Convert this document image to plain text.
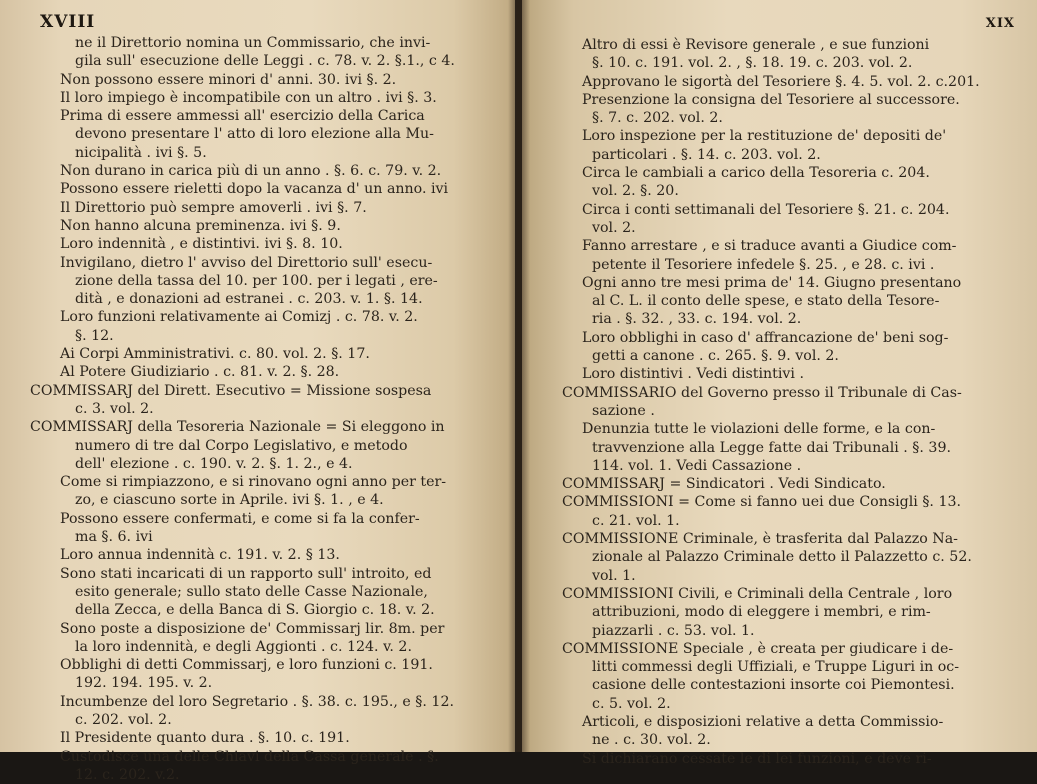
XVIII
ne il Direttorio nomina un Commissario, che invi-
gila sull' esecuzione delle Leggi . c. 78. v. 2. §.1., c 4.
Non possono essere minori d' anni. 30. ivi §. 2.
Il loro impiego è incompatibile con un altro . ivi §. 3.
Prima di essere ammessi all' esercizio della Carica
devono presentare l' atto di loro elezione alla Mu-
nicipalità . ivi §. 5.
Non durano in carica più di un anno . §. 6. c. 79. v. 2.
Possono essere rieletti dopo la vacanza d' un anno. ivi
Il Direttorio può sempre amoverli . ivi §. 7.
Non hanno alcuna preminenza. ivi §. 9.
Loro indennità , e distintivi. ivi §. 8. 10.
Invigilano, dietro l' avviso del Direttorio sull' esecu-
zione della tassa del 10. per 100. per i legati , ere-
dità , e donazioni ad estranei . c. 203. v. 1. §. 14.
Loro funzioni relativamente ai Comizj . c. 78. v. 2.
§. 12.
Ai Corpi Amministrativi. c. 80. vol. 2. §. 17.
Al Potere Giudiziario . c. 81. v. 2. §. 28.
COMMISSARJ del Dirett. Esecutivo = Missione sospesa
c. 3. vol. 2.
COMMISSARJ della Tesoreria Nazionale = Si eleggono in
numero di tre dal Corpo Legislativo, e metodo
dell' elezione . c. 190. v. 2. §. 1. 2., e 4.
Come si rimpiazzono, e si rinovano ogni anno per ter-
zo, e ciascuno sorte in Aprile. ivi §. 1. , e 4.
Possono essere confermati, e come si fa la confer-
ma §. 6. ivi
Loro annua indennità c. 191. v. 2. § 13.
Sono stati incaricati di un rapporto sull' introito, ed
esito generale; sullo stato delle Casse Nazionale,
della Zecca, e della Banca di S. Giorgio c. 18. v. 2.
Sono poste a disposizione de' Commissarj lir. 8m. per
la loro indennità, e degli Aggionti . c. 124. v. 2.
Obblighi di detti Commissarj, e loro funzioni c. 191.
192. 194. 195. v. 2.
Incumbenze del loro Segretario . §. 38. c. 195., e §. 12.
c. 202. vol. 2.
Il Presidente quanto dura . §. 10. c. 191.
Custodisce una delle Chiavi della Cassa generale . §.
12. c. 202. v.2.
XIX
Altro di essi è Revisore generale , e sue funzioni
§. 10. c. 191. vol. 2. , §. 18. 19. c. 203. vol. 2.
Approvano le sigortà del Tesoriere §. 4. 5. vol. 2. c.201.
Presenzione la consigna del Tesoriere al successore.
§. 7. c. 202. vol. 2.
Loro inspezione per la restituzione de' depositi de'
particolari . §. 14. c. 203. vol. 2.
Circa le cambiali a carico della Tesoreria c. 204.
vol. 2. §. 20.
Circa i conti settimanali del Tesoriere §. 21. c. 204.
vol. 2.
Fanno arrestare , e si traduce avanti a Giudice com-
petente il Tesoriere infedele §. 25. , e 28. c. ivi .
Ogni anno tre mesi prima de' 14. Giugno presentano
al C. L. il conto delle spese, e stato della Tesore-
ria . §. 32. , 33. c. 194. vol. 2.
Loro obblighi in caso d' affrancazione de' beni sog-
getti a canone . c. 265. §. 9. vol. 2.
Loro distintivi . Vedi distintivi .
COMMISSARIO del Governo presso il Tribunale di Cas-
sazione .
Denunzia tutte le violazioni delle forme, e la con-
travvenzione alla Legge fatte dai Tribunali . §. 39.
114. vol. 1. Vedi Cassazione .
COMMISSARJ = Sindicatori . Vedi Sindicato.
COMMISSIONI = Come si fanno uei due Consigli §. 13.
c. 21. vol. 1.
COMMISSIONE Criminale, è trasferita dal Palazzo Na-
zionale al Palazzo Criminale detto il Palazzetto c. 52.
vol. 1.
COMMISSIONI Civili, e Criminali della Centrale , loro
attribuzioni, modo di eleggere i membri, e rim-
piazzarli . c. 53. vol. 1.
COMMISSIONE Speciale , è creata per giudicare i de-
litti commessi degli Uffiziali, e Truppe Liguri in oc-
casione delle contestazioni insorte coi Piemontesi.
c. 5. vol. 2.
Articoli, e disposizioni relative a detta Commissio-
ne . c. 30. vol. 2.
Si dichiarano cessate le di lei funzioni, e deve ri-
